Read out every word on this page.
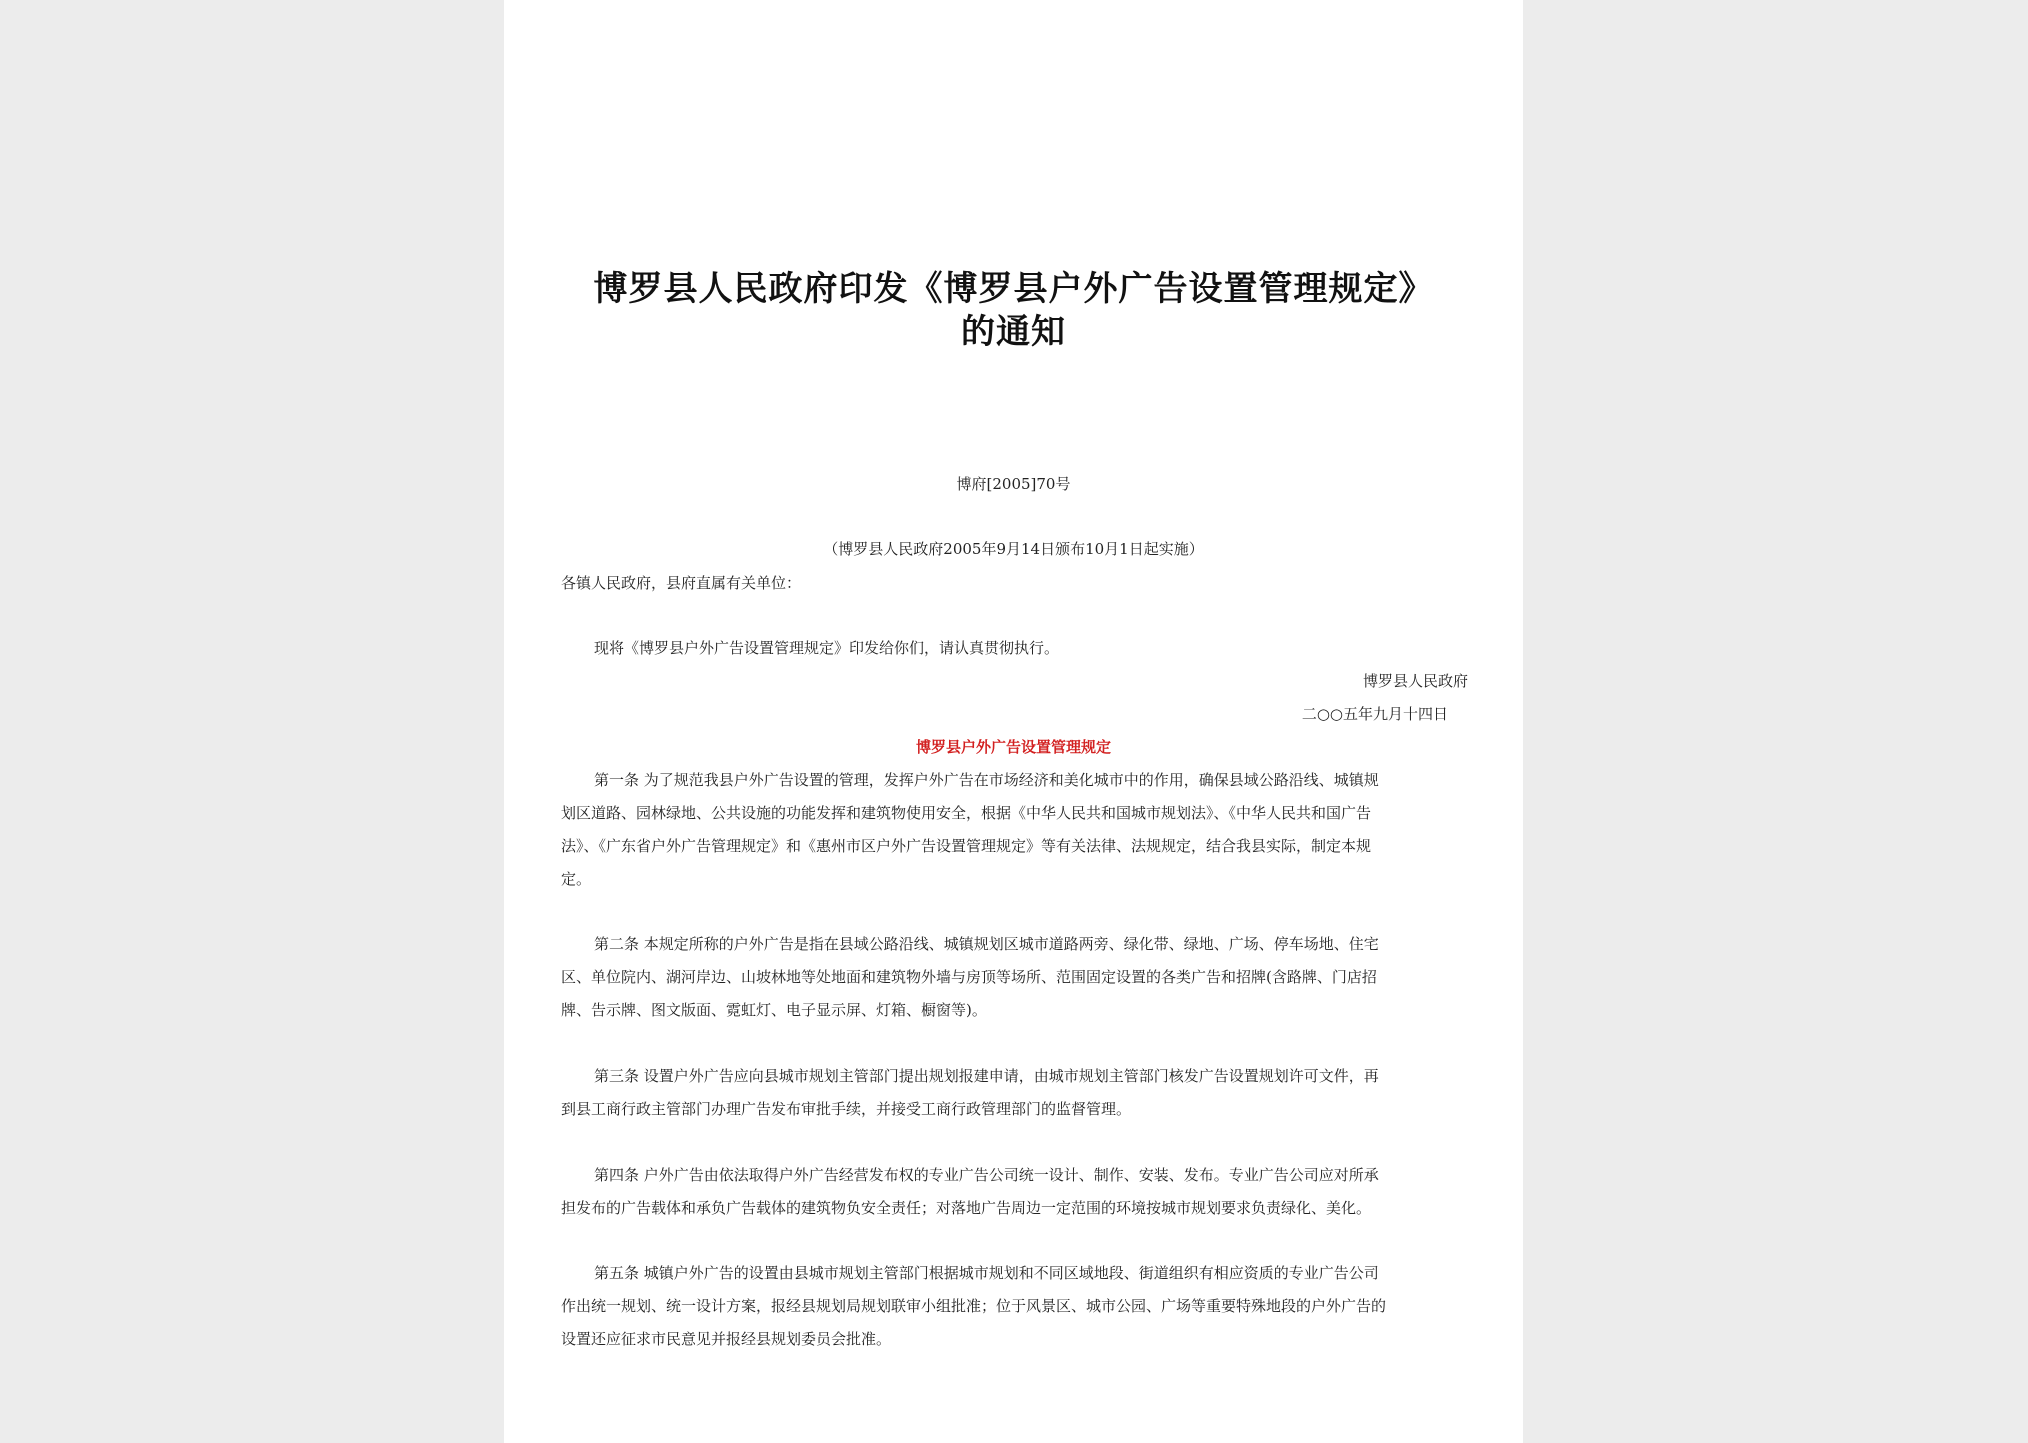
博罗县人民政府印发《博罗县户外广告设置管理规定》
的通知
博府[2005]70号
（博罗县人民政府2005年9月14日颁布10月1日起实施）
各镇人民政府，县府直属有关单位：
现将《博罗县户外广告设置管理规定》印发给你们，请认真贯彻执行。
博罗县人民政府
二○○五年九月十四日
博罗县户外广告设置管理规定
第一条 为了规范我县户外广告设置的管理，发挥户外广告在市场经济和美化城市中的作用，确保县域公路沿线、城镇规
划区道路、园林绿地、公共设施的功能发挥和建筑物使用安全，根据《中华人民共和国城市规划法》、《中华人民共和国广告
法》、《广东省户外广告管理规定》和《惠州市区户外广告设置管理规定》等有关法律、法规规定，结合我县实际，制定本规
定。
第二条 本规定所称的户外广告是指在县域公路沿线、城镇规划区城市道路两旁、绿化带、绿地、广场、停车场地、住宅
区、单位院内、湖河岸边、山坡林地等处地面和建筑物外墙与房顶等场所、范围固定设置的各类广告和招牌(含路牌、门店招
牌、告示牌、图文版面、霓虹灯、电子显示屏、灯箱、橱窗等)。
第三条 设置户外广告应向县城市规划主管部门提出规划报建申请，由城市规划主管部门核发广告设置规划许可文件，再
到县工商行政主管部门办理广告发布审批手续，并接受工商行政管理部门的监督管理。
第四条 户外广告由依法取得户外广告经营发布权的专业广告公司统一设计、制作、安装、发布。专业广告公司应对所承
担发布的广告载体和承负广告载体的建筑物负安全责任；对落地广告周边一定范围的环境按城市规划要求负责绿化、美化。
第五条 城镇户外广告的设置由县城市规划主管部门根据城市规划和不同区域地段、街道组织有相应资质的专业广告公司
作出统一规划、统一设计方案，报经县规划局规划联审小组批准；位于风景区、城市公园、广场等重要特殊地段的户外广告的
设置还应征求市民意见并报经县规划委员会批准。
